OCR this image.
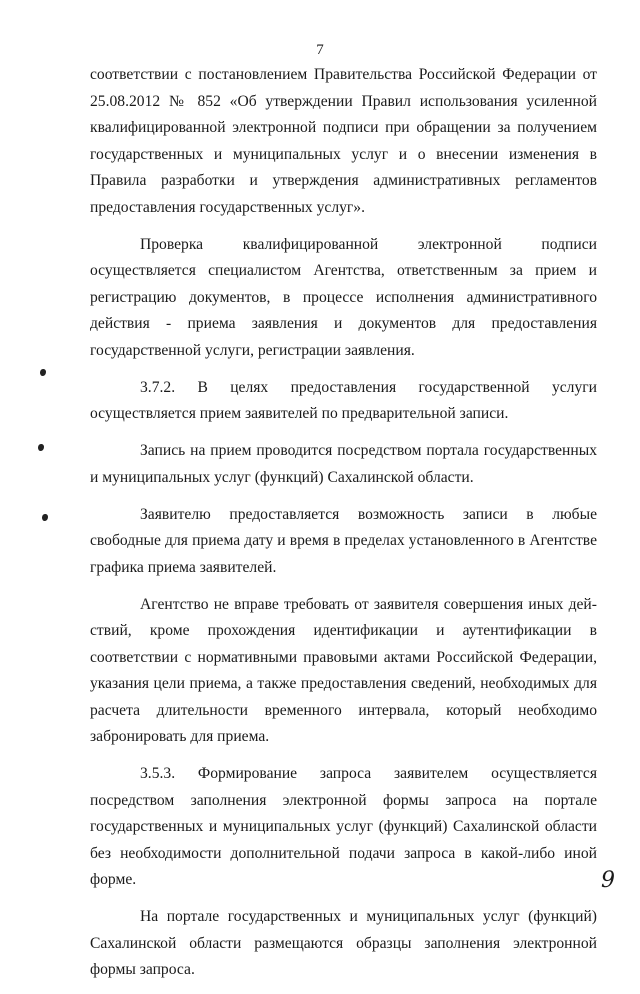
7

соответствии с постановлением Правительства Российской Федерации от 25.08.2012 № 852 «Об утверждении Правил использования усиленной квалифицированной электронной подписи при обращении за получением государственных и муниципальных услуг и о внесении изменения в Правила разработки и утверждения административных регламентов предоставления государственных услуг».

Проверка квалифицированной электронной подписи осуществляется специалистом Агентства, ответственным за прием и регистрацию документов, в процессе исполнения административного действия - приема заявления и документов для предоставления государственной услуги, регистрации заявления.

3.7.2. В целях предоставления государственной услуги осуществляется прием заявителей по предварительной записи.

Запись на прием проводится посредством портала государственных и муниципальных услуг (функций) Сахалинской области.

Заявителю предоставляется возможность записи в любые свободные для приема дату и время в пределах установленного в Агентстве графика приема заявителей.

Агентство не вправе требовать от заявителя совершения иных действий, кроме прохождения идентификации и аутентификации в соответствии с нормативными правовыми актами Российской Федерации, указания цели приема, а также предоставления сведений, необходимых для расчета длительности временного интервала, который необходимо забронировать для приема.

3.5.3. Формирование запроса заявителем осуществляется посредством заполнения электронной формы запроса на портале государственных и муниципальных услуг (функций) Сахалинской области без необходимости дополнительной подачи запроса в какой-либо иной форме.

На портале государственных и муниципальных услуг (функций) Сахалинской области размещаются образцы заполнения электронной формы запроса.

9
